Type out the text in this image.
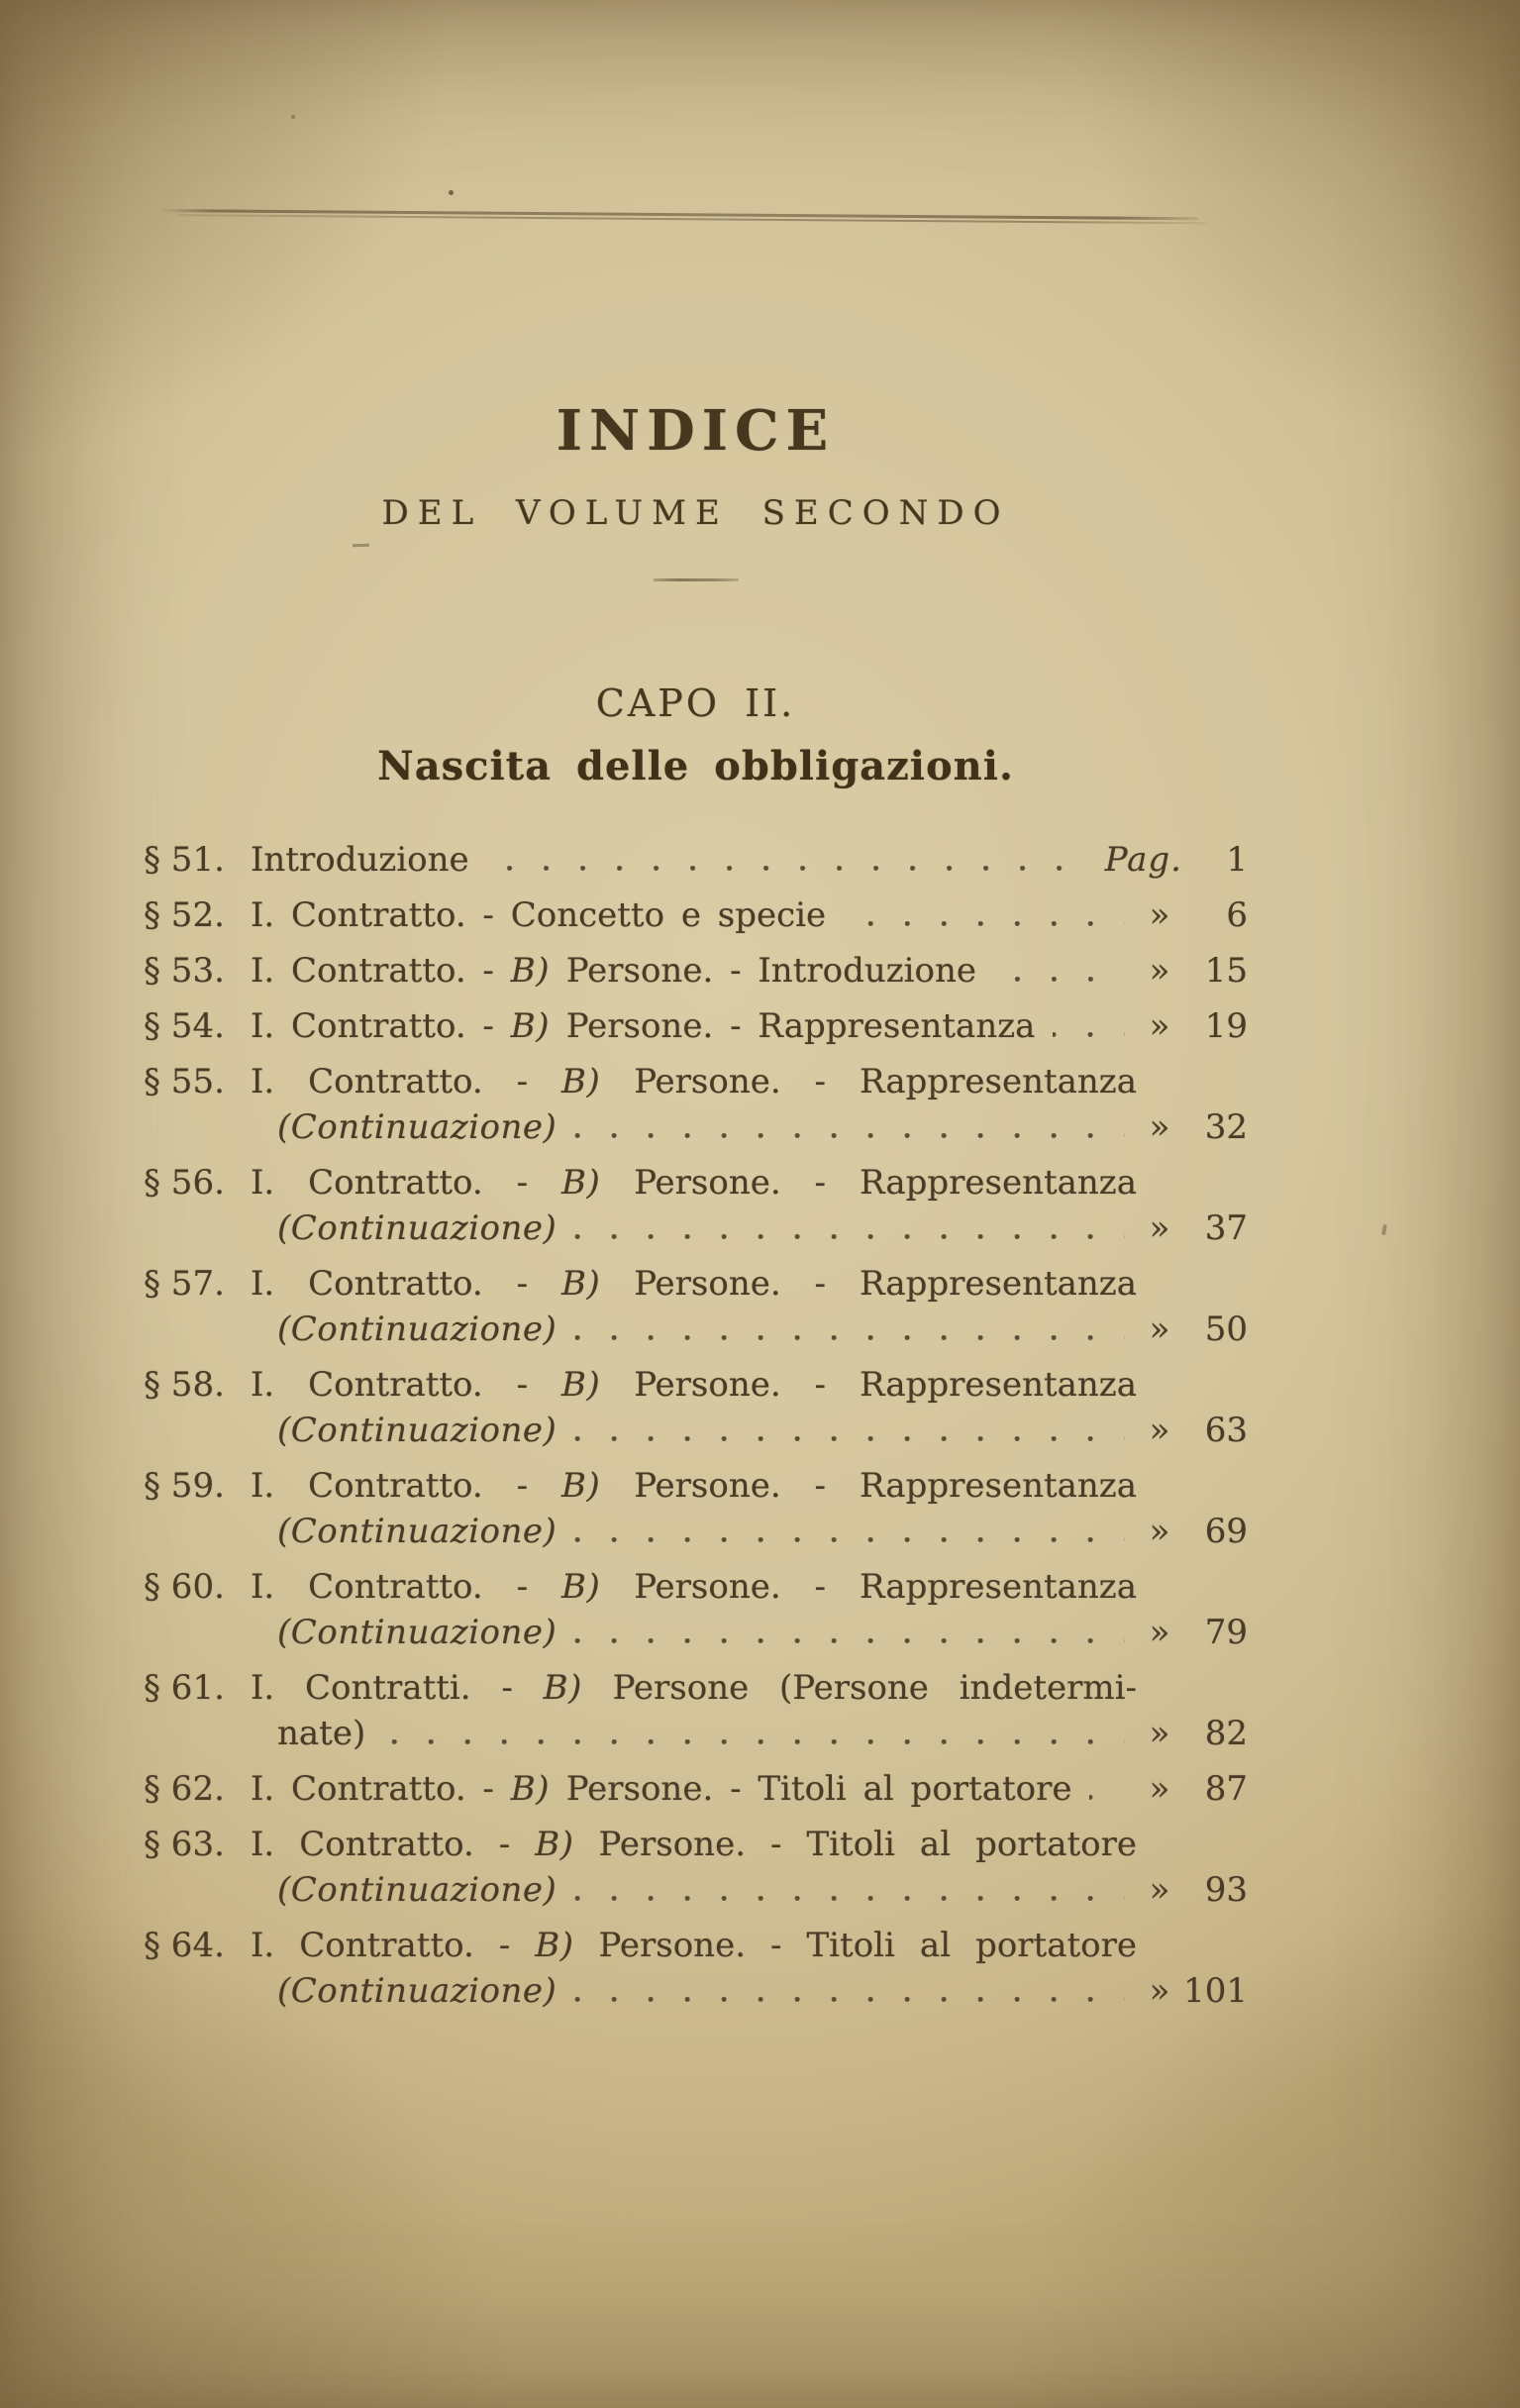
INDICE
DEL VOLUME SECONDO
CAPO II.
Nascita delle obbligazioni.
§ 51. Introduzione	Pag.	1
§ 52. I. Contratto. - Concetto e specie	»	6
§ 53. I. Contratto. - B) Persone. - Introduzione	»	15
§ 54. I. Contratto. - B) Persone. - Rappresentanza	»	19
§ 55. I. Contratto. - B) Persone. - Rappresentanza
(Continuazione)	»	32
§ 56. I. Contratto. - B) Persone. - Rappresentanza
(Continuazione)	»	37
§ 57. I. Contratto. - B) Persone. - Rappresentanza
(Continuazione)	»	50
§ 58. I. Contratto. - B) Persone. - Rappresentanza
(Continuazione)	»	63
§ 59. I. Contratto. - B) Persone. - Rappresentanza
(Continuazione)	»	69
§ 60. I. Contratto. - B) Persone. - Rappresentanza
(Continuazione)	»	79
§ 61. I. Contratti. - B) Persone (Persone indetermi-
nate)	»	82
§ 62. I. Contratto. - B) Persone. - Titoli al portatore	»	87
§ 63. I. Contratto. - B) Persone. - Titoli al portatore
(Continuazione)	»	93
§ 64. I. Contratto. - B) Persone. - Titoli al portatore
(Continuazione)	» 101
